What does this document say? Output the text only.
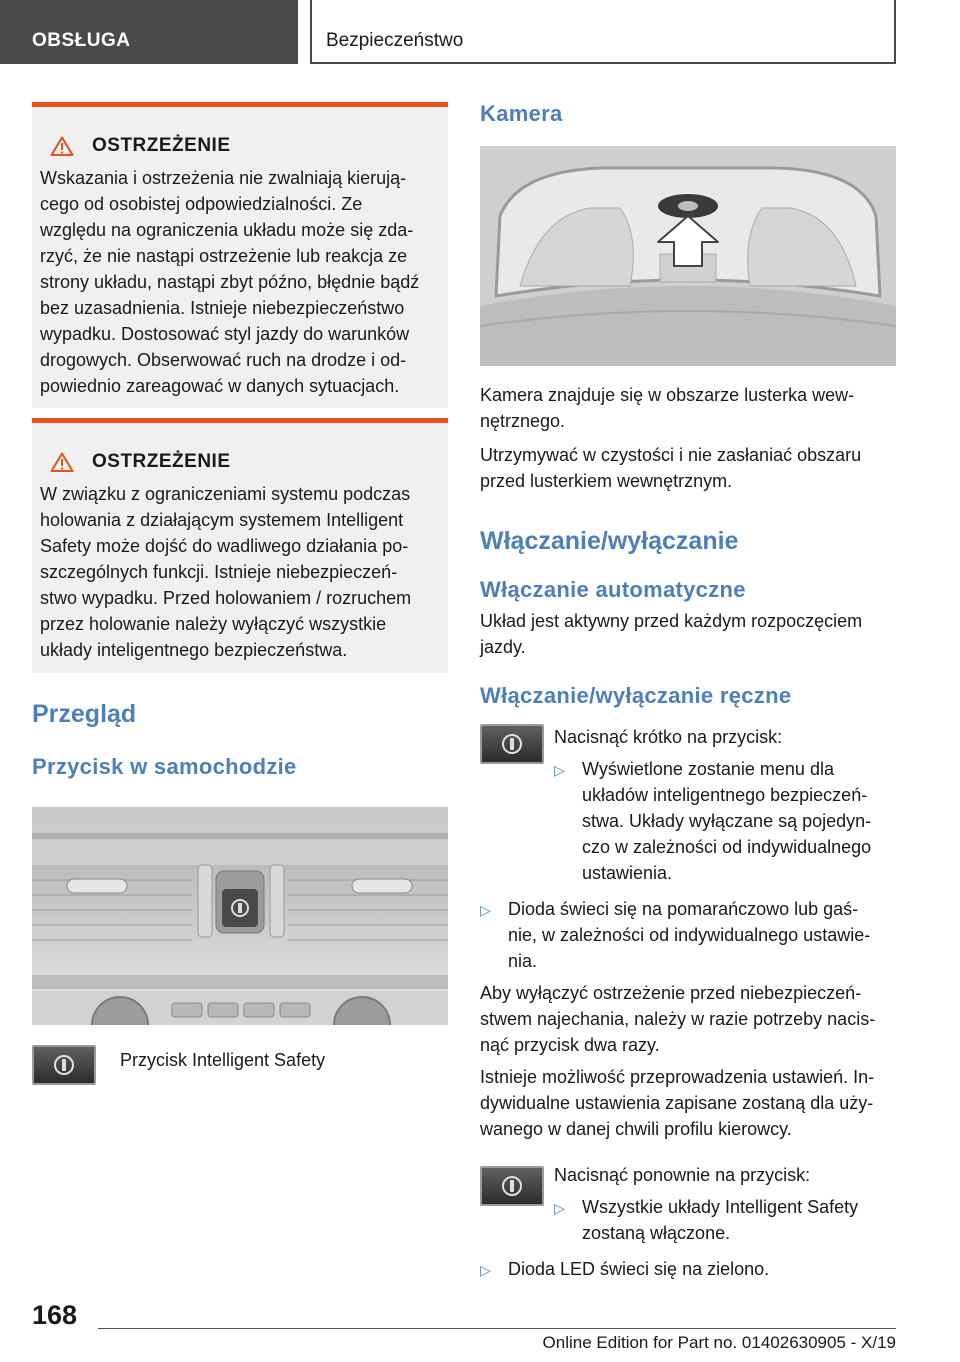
OBSŁUGA	Bezpieczeństwo
OSTRZEŻENIE
Wskazania i ostrzeżenia nie zwalniają kierują-
cego od osobistej odpowiedzialności. Ze
względu na ograniczenia układu może się zda-
rzyć, że nie nastąpi ostrzeżenie lub reakcja ze
strony układu, nastąpi zbyt późno, błędnie bądź
bez uzasadnienia. Istnieje niebezpieczeństwo
wypadku. Dostosować styl jazdy do warunków
drogowych. Obserwować ruch na drodze i od-
powiednio zareagować w danych sytuacjach.
OSTRZEŻENIE
W związku z ograniczeniami systemu podczas
holowania z działającym systemem Intelligent
Safety może dojść do wadliwego działania po-
szczególnych funkcji. Istnieje niebezpieczeń-
stwo wypadku. Przed holowaniem / rozruchem
przez holowanie należy wyłączyć wszystkie
układy inteligentnego bezpieczeństwa.
Przegląd
Przycisk w samochodzie

Przycisk Intelligent Safety

Kamera

Kamera znajduje się w obszarze lusterka wew-
nętrznego.

Utrzymywać w czystości i nie zasłaniać obszaru
przed lusterkiem wewnętrznym.

Włączanie/wyłączanie
Włączanie automatyczne

Układ jest aktywny przed każdym rozpoczęciem
jazdy.

Włączanie/wyłączanie ręczne

Nacisnąć krótko na przycisk:

▷ Wyświetlone zostanie menu dla
układów inteligentnego bezpieczeń-
stwa. Układy wyłączane są pojedyn-
czo w zależności od indywidualnego
ustawienia.
▷ Dioda świeci się na pomarańczowo lub gaś-
nie, w zależności od indywidualnego ustawie-
nia.

Aby wyłączyć ostrzeżenie przed niebezpieczeń-
stwem najechania, należy w razie potrzeby nacis-
nąć przycisk dwa razy.

Istnieje możliwość przeprowadzenia ustawień. In-
dywidualne ustawienia zapisane zostaną dla uży-
wanego w danej chwili profilu kierowcy.

Nacisnąć ponownie na przycisk:

▷ Wszystkie układy Intelligent Safety
zostaną włączone.
▷ Dioda LED świeci się na zielono.
168
Online Edition for Part no. 01402630905 - X/19
